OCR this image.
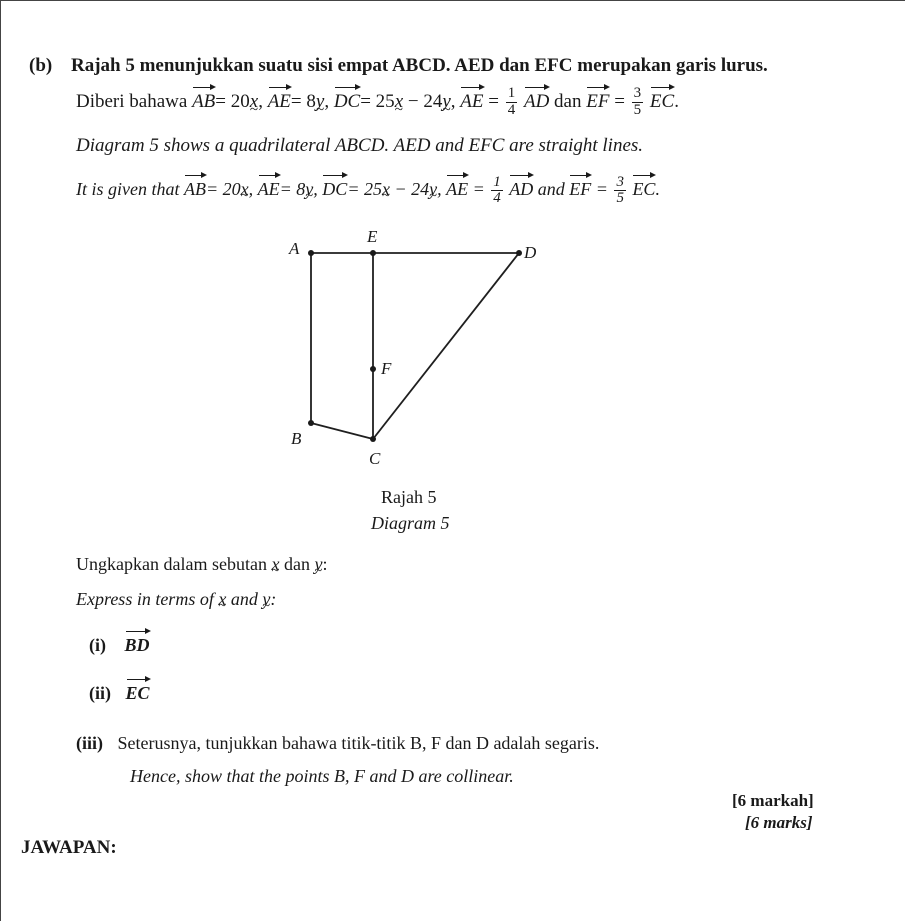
(b) Rajah 5 menunjukkan suatu sisi empat ABCD. AED dan EFC merupakan garis lurus.
Diberi bahawa AB= 20x ~, AE= 8y ~, DC= 25x ~ − 24y ~, AE = $\frac{1}{4}$ AD dan EF = $\frac{3}{5}$ EC.
Diagram 5 shows a quadrilateral ABCD. AED and EFC are straight lines.
It is given that AB= 20x ~, AE= 8y ~, DC= 25x ~ − 24y ~, AE = $\frac{1}{4}$ AD and EF = $\frac{3}{5}$ EC.
A
E
D
F
B
C
Rajah 5
Diagram 5
Ungkapkan dalam sebutan x ~ dan y ~:
Express in terms of x ~ and y ~:
(i) BD
(ii) EC
(iii) Seterusnya, tunjukkan bahawa titik-titik B, F dan D adalah segaris.
Hence, show that the points B, F and D are collinear.
[6 markah]
[6 marks]
JAWAPAN:
